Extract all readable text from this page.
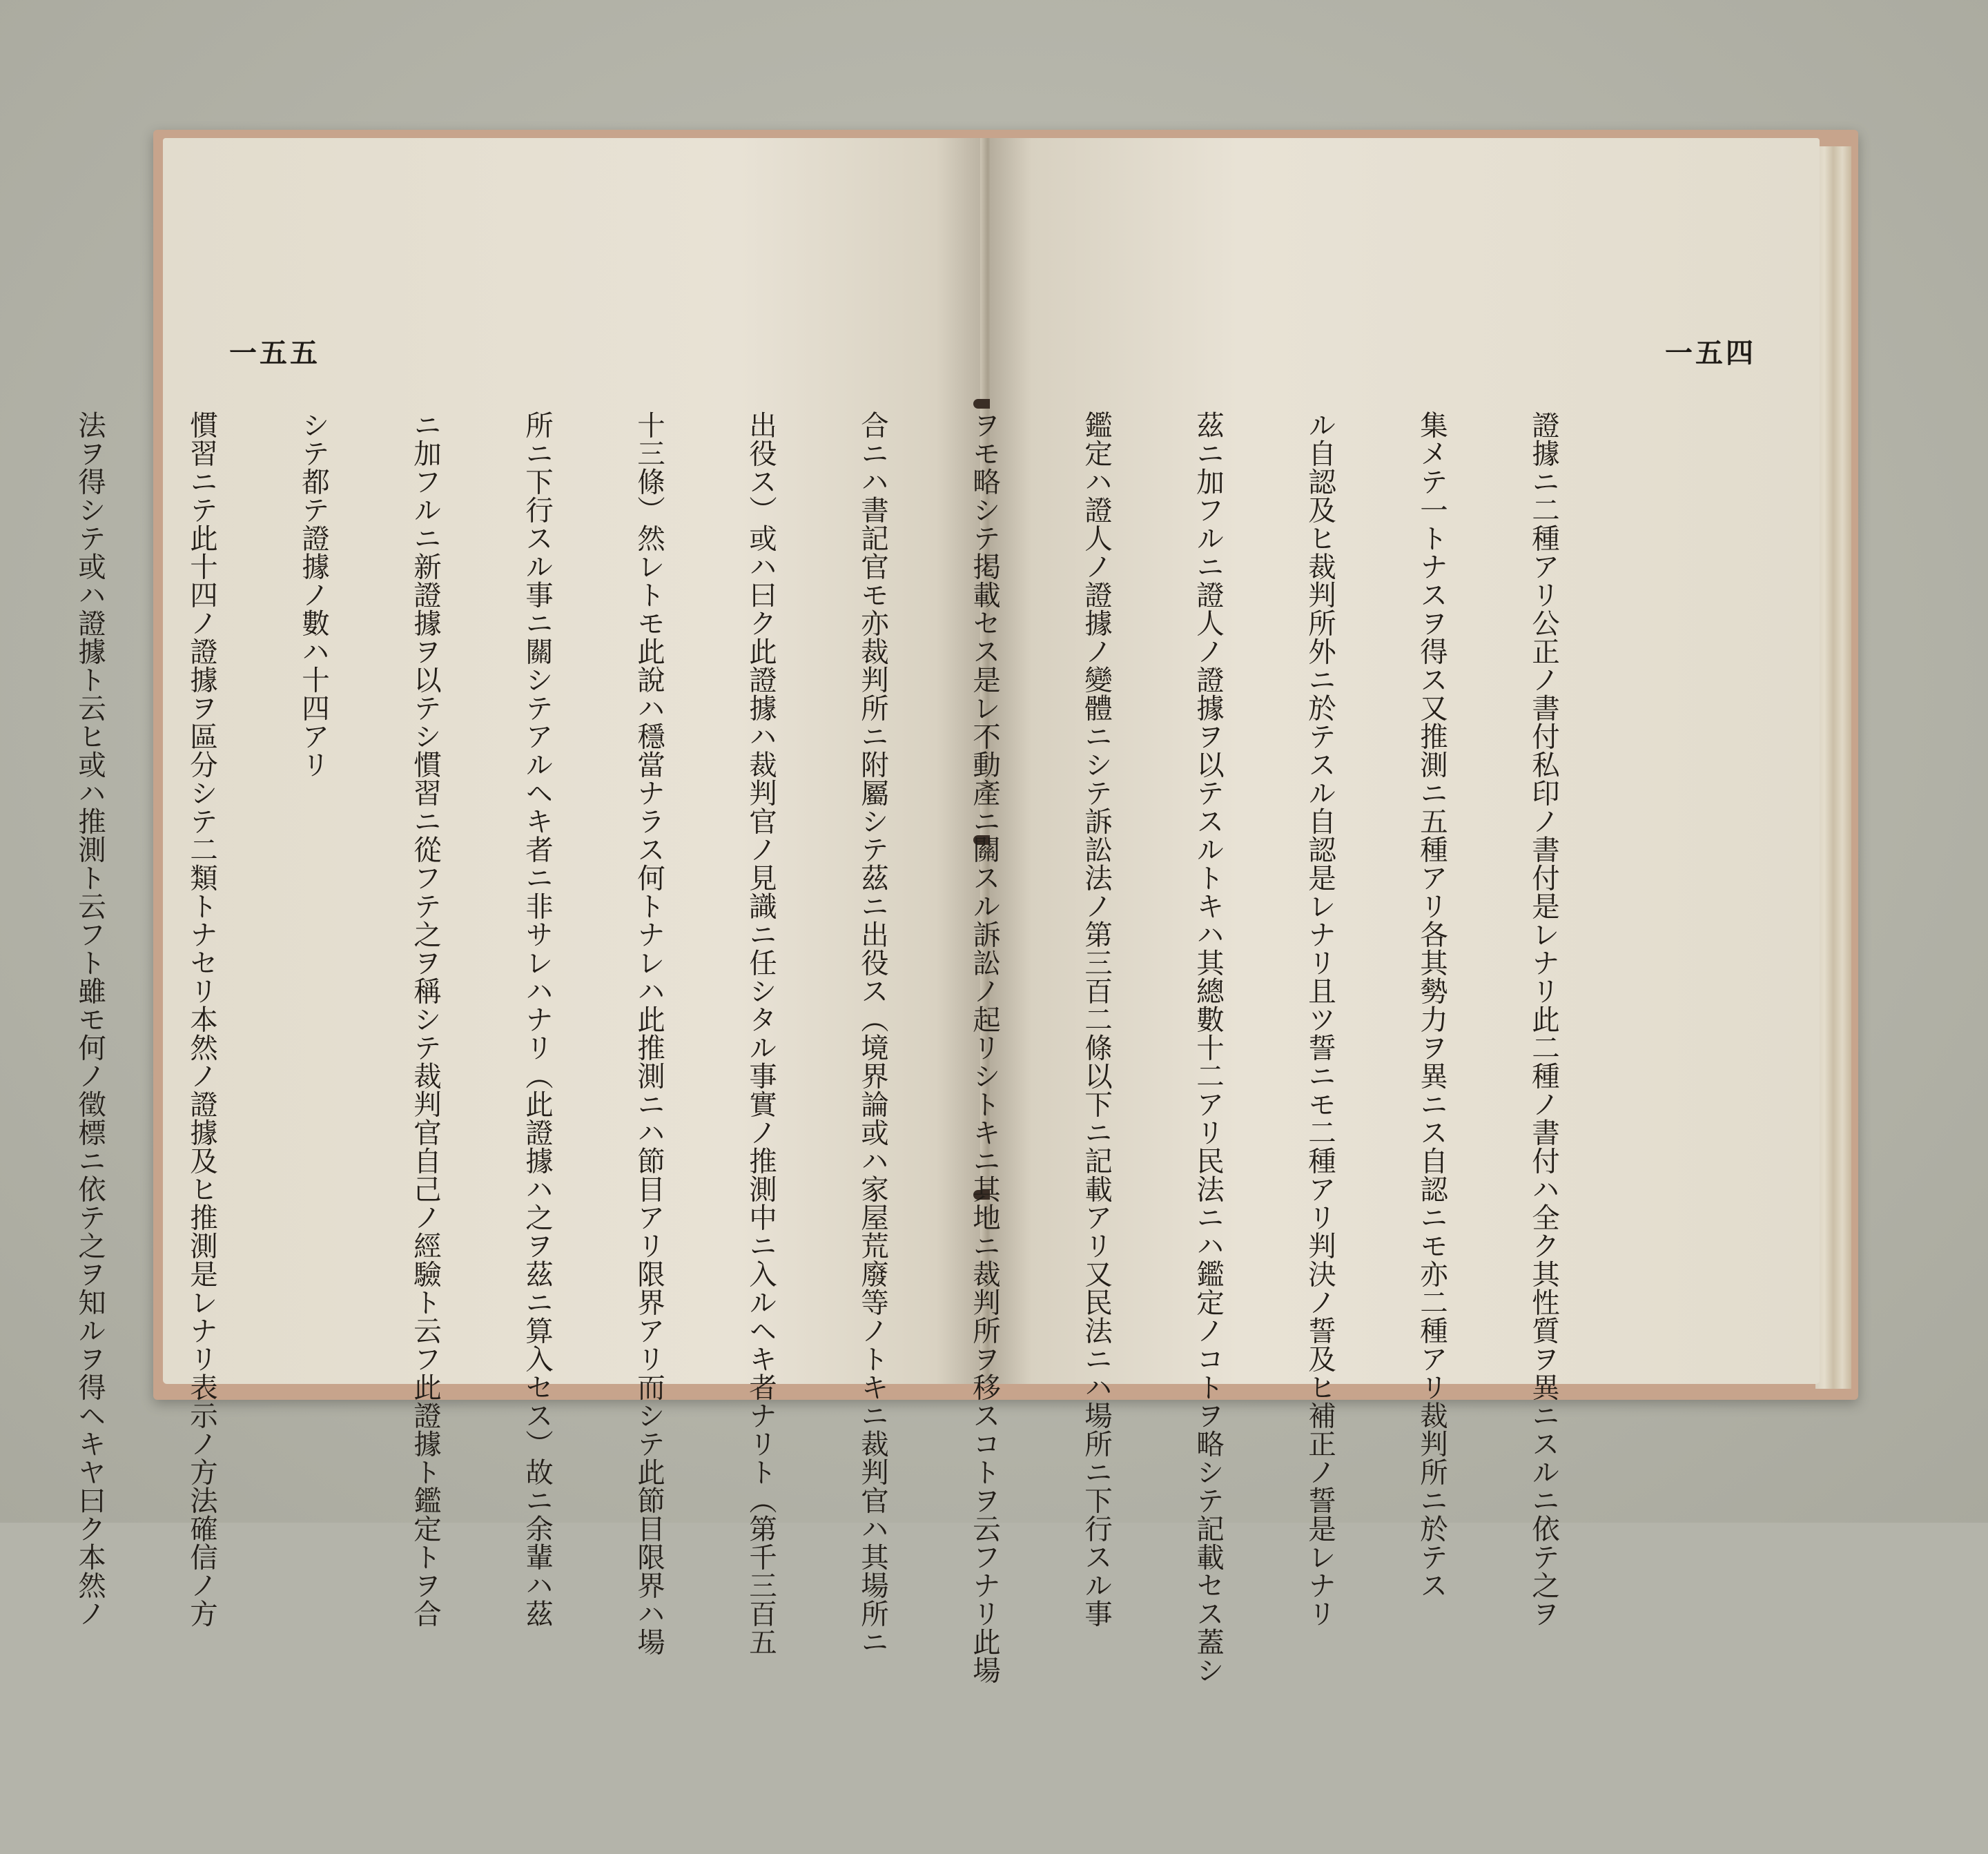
一五五

	一五四

證據ニ二種アリ公正ノ書付私印ノ書付是レナリ此二種ノ書付ハ全ク其性質ヲ異ニスルニ依テ之ヲ

集メテ一トナスヲ得ス又推測ニ五種アリ各其勢力ヲ異ニス自認ニモ亦二種アリ裁判所ニ於テス

ル自認及ヒ裁判所外ニ於テスル自認是レナリ且ツ誓ニモ二種アリ判決ノ誓及ヒ補正ノ誓是レナリ

茲ニ加フルニ證人ノ證據ヲ以テスルトキハ其總數十二アリ民法ニハ鑑定ノコトヲ略シテ記載セス蓋シ

鑑定ハ證人ノ證據ノ變體ニシテ訴訟法ノ第三百二條以下ニ記載アリ又民法ニハ場所ニ下行スル事

ヲモ略シテ掲載セス是レ不動產ニ關スル訴訟ノ起リシトキニ其地ニ裁判所ヲ移スコトヲ云フナリ此場

合ニハ書記官モ亦裁判所ニ附屬シテ茲ニ出役ス（境界論或ハ家屋荒廢等ノトキニ裁判官ハ其場所ニ

出役ス）或ハ曰ク此證據ハ裁判官ノ見識ニ任シタル事實ノ推測中ニ入ルヘキ者ナリト（第千三百五

十三條）然レトモ此說ハ穩當ナラス何トナレハ此推測ニハ節目アリ限界アリ而シテ此節目限界ハ場

所ニ下行スル事ニ關シテアルヘキ者ニ非サレハナリ（此證據ハ之ヲ茲ニ算入セス）故ニ余輩ハ茲

ニ加フルニ新證據ヲ以テシ慣習ニ從フテ之ヲ稱シテ裁判官自己ノ經驗ト云フ此證據ト鑑定トヲ合

シテ都テ證據ノ數ハ十四アリ

慣習ニテ此十四ノ證據ヲ區分シテ二類トナセリ本然ノ證據及ヒ推測是レナリ表示ノ方法確信ノ方

法ヲ得シテ或ハ證據ト云ヒ或ハ推測ト云フト雖モ何ノ徵標ニ依テ之ヲ知ルヲ得ヘキヤ曰ク本然ノ
